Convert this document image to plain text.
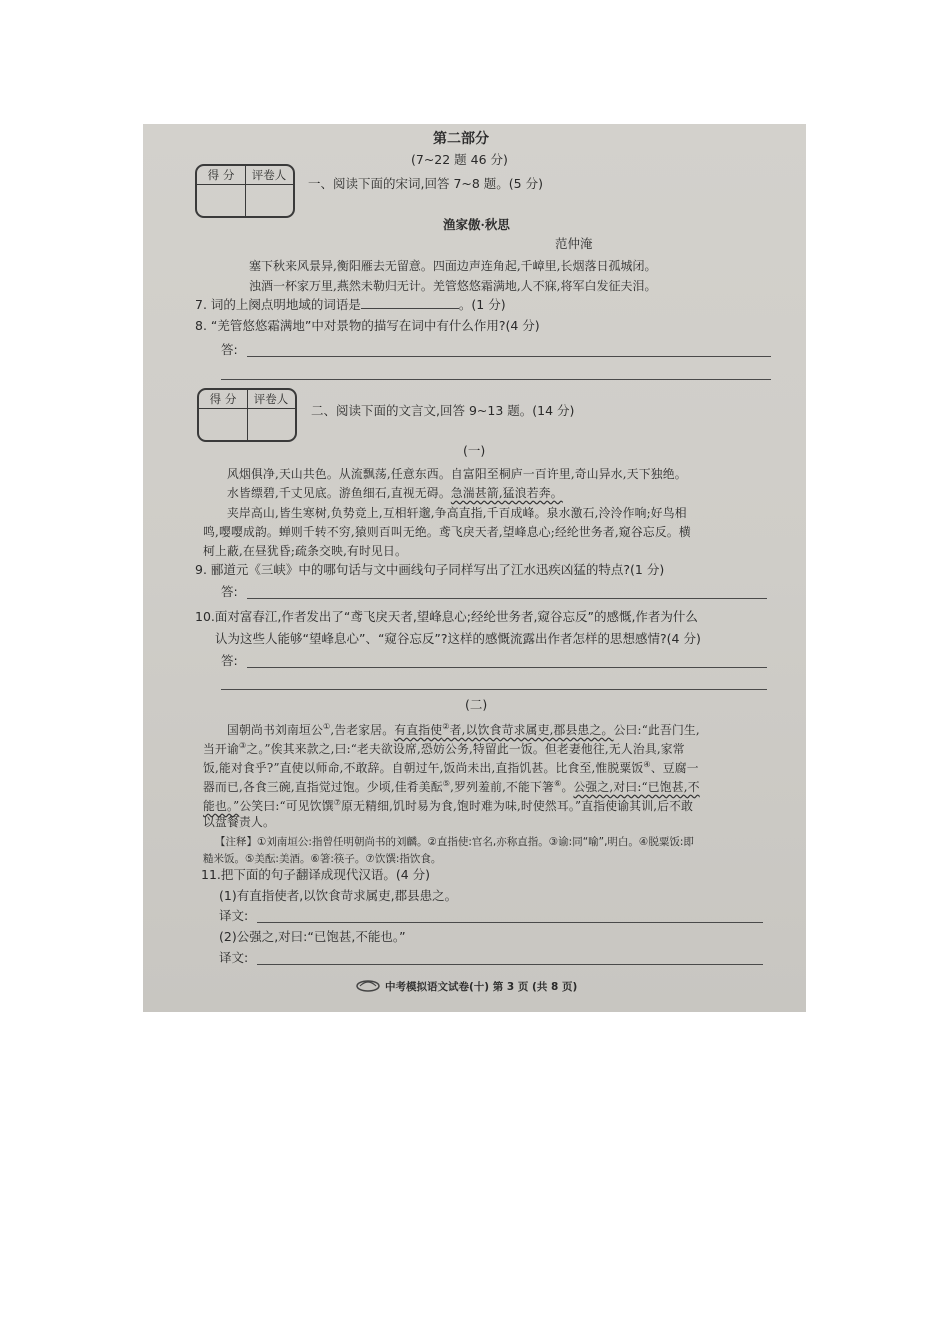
第二部分
(7~22 题 46 分)
得 分	评卷人
一、阅读下面的宋词,回答 7~8 题。(5 分)
渔家傲·秋思
范仲淹
塞下秋来风景异,衡阳雁去无留意。四面边声连角起,千嶂里,长烟落日孤城闭。
浊酒一杯家万里,燕然未勒归无计。羌管悠悠霜满地,人不寐,将军白发征夫泪。
7. 词的上阕点明地域的词语是	。(1 分)
8. “羌管悠悠霜满地”中对景物的描写在词中有什么作用?(4 分)
答:
得 分	评卷人
二、阅读下面的文言文,回答 9~13 题。(14 分)
(一)
风烟俱净,天山共色。从流飘荡,任意东西。自富阳至桐庐一百许里,奇山异水,天下独绝。
水皆缥碧,千丈见底。游鱼细石,直视无碍。急湍甚箭,猛浪若奔。
夹岸高山,皆生寒树,负势竞上,互相轩邈,争高直指,千百成峰。泉水激石,泠泠作响;好鸟相
鸣,嘤嘤成韵。蝉则千转不穷,猿则百叫无绝。鸢飞戾天者,望峰息心;经纶世务者,窥谷忘反。横
柯上蔽,在昼犹昏;疏条交映,有时见日。
9. 郦道元《三峡》中的哪句话与文中画线句子同样写出了江水迅疾凶猛的特点?(1 分)
答:
10.面对富春江,作者发出了“鸢飞戾天者,望峰息心;经纶世务者,窥谷忘反”的感慨,作者为什么
认为这些人能够“望峰息心”、“窥谷忘反”?这样的感慨流露出作者怎样的思想感情?(4 分)
答:
(二)
国朝尚书刘南垣公①,告老家居。有直指使②者,以饮食苛求属吏,郡县患之。公曰:“此吾门生,
当开谕③之。”俟其来款之,曰:“老夫欲设席,恐妨公务,特留此一饭。但老妻他往,无人治具,家常
饭,能对食乎?”直使以师命,不敢辞。自朝过午,饭尚未出,直指饥甚。比食至,惟脱粟饭④、豆腐一
器而已,各食三碗,直指觉过饱。少顷,佳肴美酝⑤,罗列羞前,不能下箸⑥。公强之,对曰:“已饱甚,不
能也。”公笑曰:“可见饮馔⑦原无精细,饥时易为食,饱时难为味,时使然耳。”直指使谕其训,后不敢
以盘餐责人。
【注释】①刘南垣公:指曾任明朝尚书的刘麟。②直指使:官名,亦称直指。③谕:同“喻”,明白。④脱粟饭:即
糙米饭。⑤美酝:美酒。⑥箸:筷子。⑦饮馔:指饮食。
11.把下面的句子翻译成现代汉语。(4 分)
(1)有直指使者,以饮食苛求属吏,郡县患之。
译文:
(2)公强之,对曰:“已饱甚,不能也。”
译文:
中考模拟语文试卷(十) 第 3 页 (共 8 页)
